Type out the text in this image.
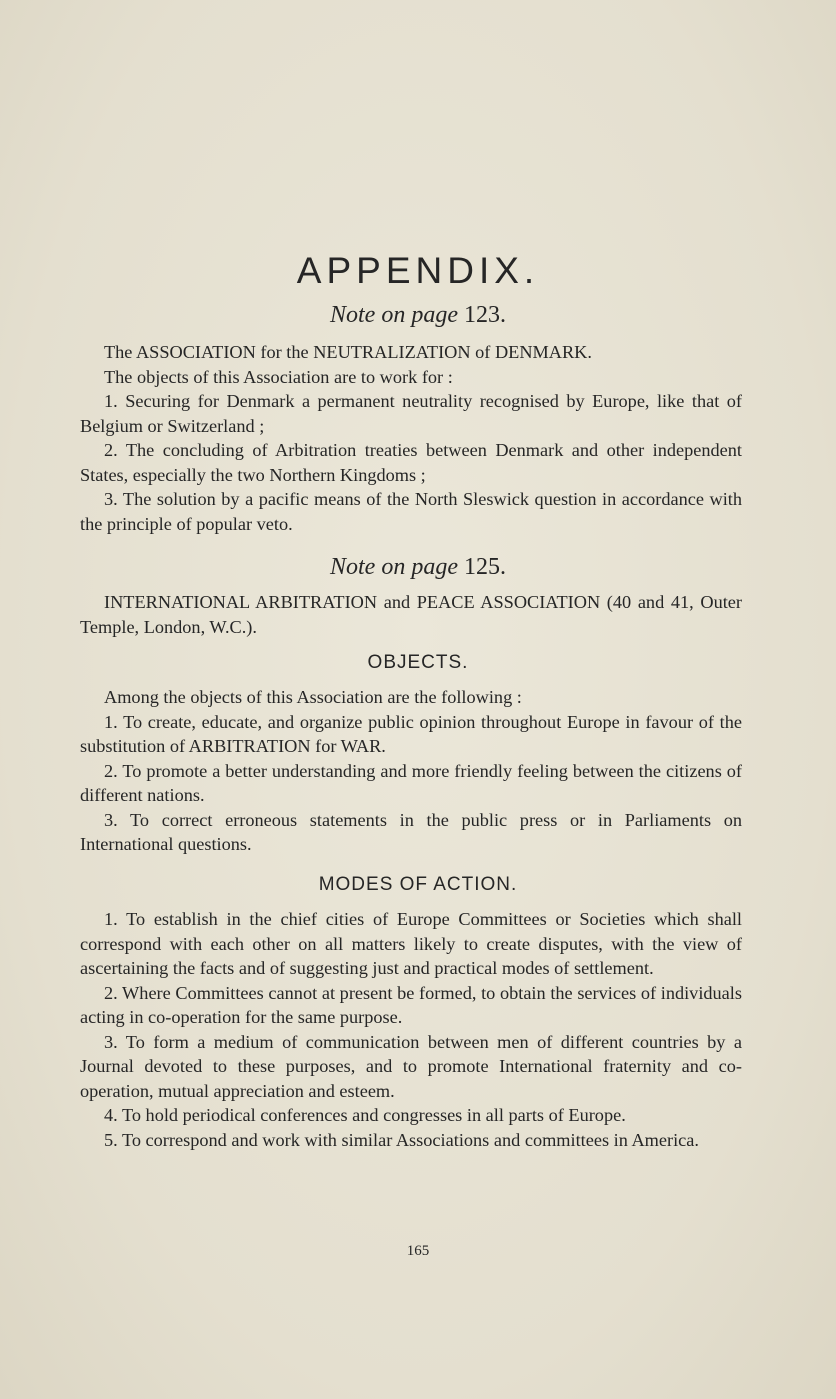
APPENDIX.
Note on page 123.

The ASSOCIATION for the NEUTRALIZATION of DENMARK.

The objects of this Association are to work for :

1. Securing for Denmark a permanent neutrality recognised by Europe, like that of Belgium or Switzerland ;

2. The concluding of Arbitration treaties between Denmark and other independent States, especially the two Northern Kingdoms ;

3. The solution by a pacific means of the North Sleswick question in accordance with the principle of popular veto.

Note on page 125.

INTERNATIONAL ARBITRATION and PEACE ASSOCIATION (40 and 41, Outer Temple, London, W.C.).

OBJECTS.

Among the objects of this Association are the following :

1. To create, educate, and organize public opinion throughout Europe in favour of the substitution of ARBITRATION for WAR.

2. To promote a better understanding and more friendly feeling between the citizens of different nations.

3. To correct erroneous statements in the public press or in Parliaments on International questions.

MODES OF ACTION.

1. To establish in the chief cities of Europe Committees or Societies which shall correspond with each other on all matters likely to create disputes, with the view of ascertaining the facts and of suggesting just and practical modes of settlement.

2. Where Committees cannot at present be formed, to obtain the services of individuals acting in co-operation for the same purpose.

3. To form a medium of communication between men of different countries by a Journal devoted to these purposes, and to promote International fraternity and co-operation, mutual appreciation and esteem.

4. To hold periodical conferences and congresses in all parts of Europe.

5. To correspond and work with similar Associations and committees in America.

165
